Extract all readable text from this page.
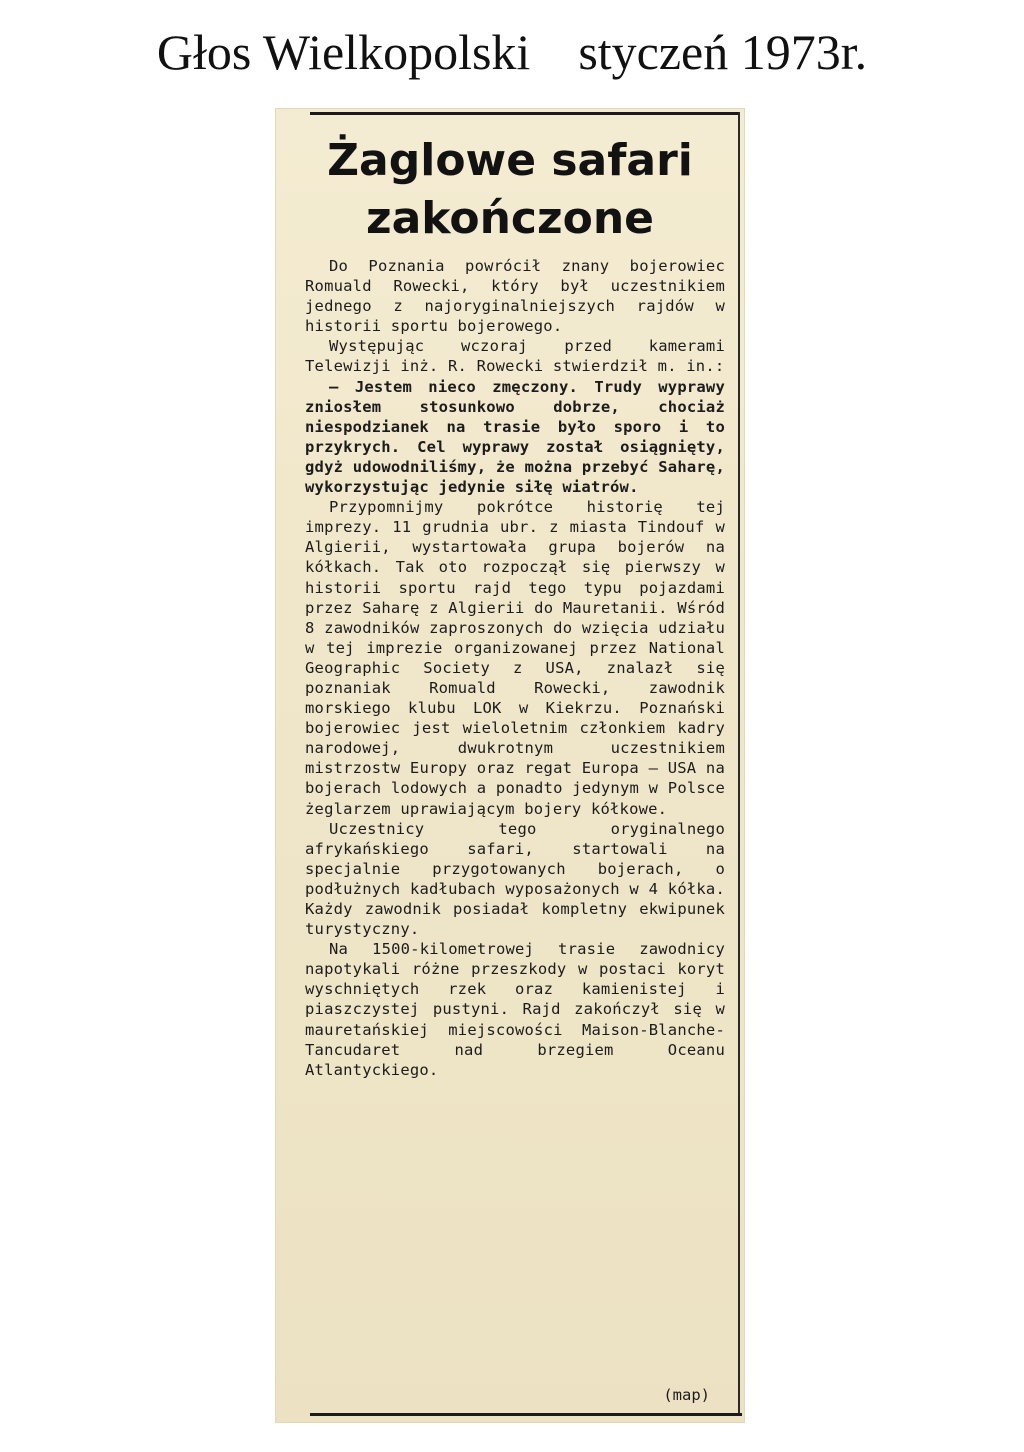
Głos Wielkopolski styczeń 1973r.
Żaglowe safari zakończone

Do Poznania powrócił znany bojerowiec Romuald Rowecki, który był uczestnikiem jednego z najoryginalniejszych rajdów w historii sportu bojerowego.

Występując wczoraj przed kamerami Telewizji inż. R. Rowecki stwierdził m. in.:

— Jestem nieco zmęczony. Trudy wyprawy zniosłem stosunkowo dobrze, chociaż niespodzianek na trasie było sporo i to przykrych. Cel wyprawy został osiągnięty, gdyż udowodniliśmy, że można przebyć Saharę, wykorzystując jedynie siłę wiatrów.

Przypomnijmy pokrótce historię tej imprezy. 11 grudnia ubr. z miasta Tindouf w Algierii, wystartowała grupa bojerów na kółkach. Tak oto rozpoczął się pierwszy w historii sportu rajd tego typu pojazdami przez Saharę z Algierii do Mauretanii. Wśród 8 zawodników zaproszonych do wzięcia udziału w tej imprezie organizowanej przez National Geographic Society z USA, znalazł się poznaniak Romuald Rowecki, zawodnik morskiego klubu LOK w Kiekrzu. Poznański bojerowiec jest wieloletnim członkiem kadry narodowej, dwukrotnym uczestnikiem mistrzostw Europy oraz regat Europa — USA na bojerach lodowych a ponadto jedynym w Polsce żeglarzem uprawiającym bojery kółkowe.

Uczestnicy tego oryginalnego afrykańskiego safari, startowali na specjalnie przygotowanych bojerach, o podłużnych kadłubach wyposażonych w 4 kółka. Każdy zawodnik posiadał kompletny ekwipunek turystyczny.

Na 1500-kilometrowej trasie zawodnicy napotykali różne przeszkody w postaci koryt wyschniętych rzek oraz kamienistej i piaszczystej pustyni. Rajd zakończył się w mauretańskiej miejscowości Maison-Blanche-Tancudaret nad brzegiem Oceanu Atlantyckiego.

(map)
